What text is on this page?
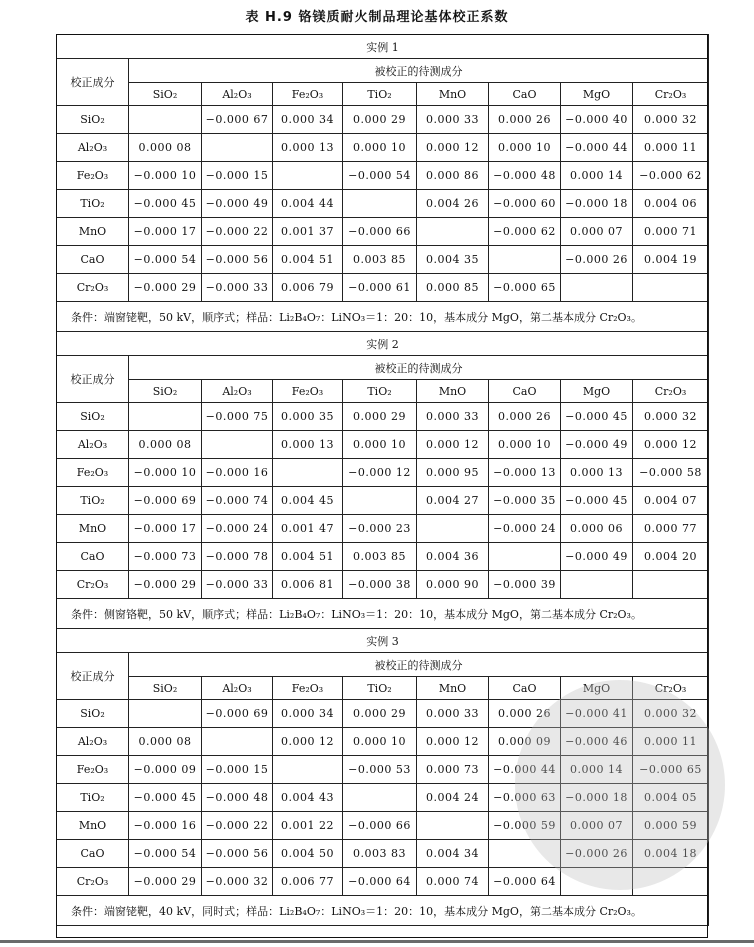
表 H.9 铬镁质耐火制品理论基体校正系数
实例 1								
校正成分	被校正的待测成分							
	SiO₂	Al₂O₃	Fe₂O₃	TiO₂	MnO	CaO	MgO	Cr₂O₃
SiO₂		−0.000 67	0.000 34	0.000 29	0.000 33	0.000 26	−0.000 40	0.000 32
Al₂O₃	0.000 08		0.000 13	0.000 10	0.000 12	0.000 10	−0.000 44	0.000 11
Fe₂O₃	−0.000 10	−0.000 15		−0.000 54	0.000 86	−0.000 48	0.000 14	−0.000 62
TiO₂	−0.000 45	−0.000 49	0.004 44		0.004 26	−0.000 60	−0.000 18	0.004 06
MnO	−0.000 17	−0.000 22	0.001 37	−0.000 66		−0.000 62	0.000 07	0.000 71
CaO	−0.000 54	−0.000 56	0.004 51	0.003 85	0.004 35		−0.000 26	0.004 19
Cr₂O₃	−0.000 29	−0.000 33	0.006 79	−0.000 61	0.000 85	−0.000 65		
条件：端窗铑靶，50 kV，顺序式；样品：Li₂B₄O₇：LiNO₃＝1：20：10，基本成分 MgO，第二基本成分 Cr₂O₃。								
实例 2								
校正成分	被校正的待测成分							
	SiO₂	Al₂O₃	Fe₂O₃	TiO₂	MnO	CaO	MgO	Cr₂O₃
SiO₂		−0.000 75	0.000 35	0.000 29	0.000 33	0.000 26	−0.000 45	0.000 32
Al₂O₃	0.000 08		0.000 13	0.000 10	0.000 12	0.000 10	−0.000 49	0.000 12
Fe₂O₃	−0.000 10	−0.000 16		−0.000 12	0.000 95	−0.000 13	0.000 13	−0.000 58
TiO₂	−0.000 69	−0.000 74	0.004 45		0.004 27	−0.000 35	−0.000 45	0.004 07
MnO	−0.000 17	−0.000 24	0.001 47	−0.000 23		−0.000 24	0.000 06	0.000 77
CaO	−0.000 73	−0.000 78	0.004 51	0.003 85	0.004 36		−0.000 49	0.004 20
Cr₂O₃	−0.000 29	−0.000 33	0.006 81	−0.000 38	0.000 90	−0.000 39		
条件：侧窗铬靶，50 kV，顺序式；样品：Li₂B₄O₇：LiNO₃＝1：20：10，基本成分 MgO，第二基本成分 Cr₂O₃。								
实例 3								
校正成分	被校正的待测成分							
	SiO₂	Al₂O₃	Fe₂O₃	TiO₂	MnO	CaO	MgO	Cr₂O₃
SiO₂		−0.000 69	0.000 34	0.000 29	0.000 33	0.000 26	−0.000 41	0.000 32
Al₂O₃	0.000 08		0.000 12	0.000 10	0.000 12	0.000 09	−0.000 46	0.000 11
Fe₂O₃	−0.000 09	−0.000 15		−0.000 53	0.000 73	−0.000 44	0.000 14	−0.000 65
TiO₂	−0.000 45	−0.000 48	0.004 43		0.004 24	−0.000 63	−0.000 18	0.004 05
MnO	−0.000 16	−0.000 22	0.001 22	−0.000 66		−0.000 59	0.000 07	0.000 59
CaO	−0.000 54	−0.000 56	0.004 50	0.003 83	0.004 34		−0.000 26	0.004 18
Cr₂O₃	−0.000 29	−0.000 32	0.006 77	−0.000 64	0.000 74	−0.000 64		
条件：端窗铑靶，40 kV，同时式；样品：Li₂B₄O₇：LiNO₃＝1：20：10，基本成分 MgO，第二基本成分 Cr₂O₃。								
